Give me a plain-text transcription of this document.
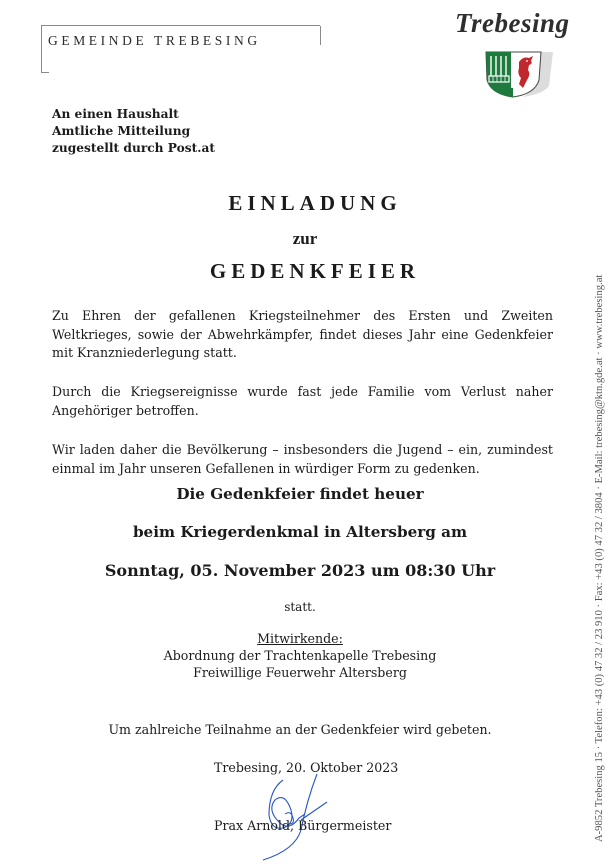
GEMEINDE TREBESING
Trebesing
An einen Haushalt
Amtliche Mitteilung
zugestellt durch Post.at
EINLADUNG
zur
GEDENKFEIER
Zu Ehren der gefallenen Kriegsteilnehmer des Ersten und Zweiten Weltkrieges, sowie der Abwehrkämpfer, findet dieses Jahr eine Gedenkfeier mit Kranzniederlegung statt.
Durch die Kriegsereignisse wurde fast jede Familie vom Verlust naher Angehöriger betroffen.
Wir laden daher die Bevölkerung – insbesonders die Jugend – ein, zumindest einmal im Jahr unseren Gefallenen in würdiger Form zu gedenken.
Die Gedenkfeier findet heuer
beim Kriegerdenkmal in Altersberg am
Sonntag, 05. November 2023 um 08:30 Uhr
statt.
Mitwirkende:
Abordnung der Trachtenkapelle Trebesing
Freiwillige Feuerwehr Altersberg
Um zahlreiche Teilnahme an der Gedenkfeier wird gebeten.
Trebesing, 20. Oktober 2023
Prax Arnold, Bürgermeister	A-9852 Trebesing 15 · Telefon: +43 (0) 47 32 / 23 910 · Fax: +43 (0) 47 32 / 3804 · E-Mail: trebesing@ktn.gde.at · www.trebesing.at
